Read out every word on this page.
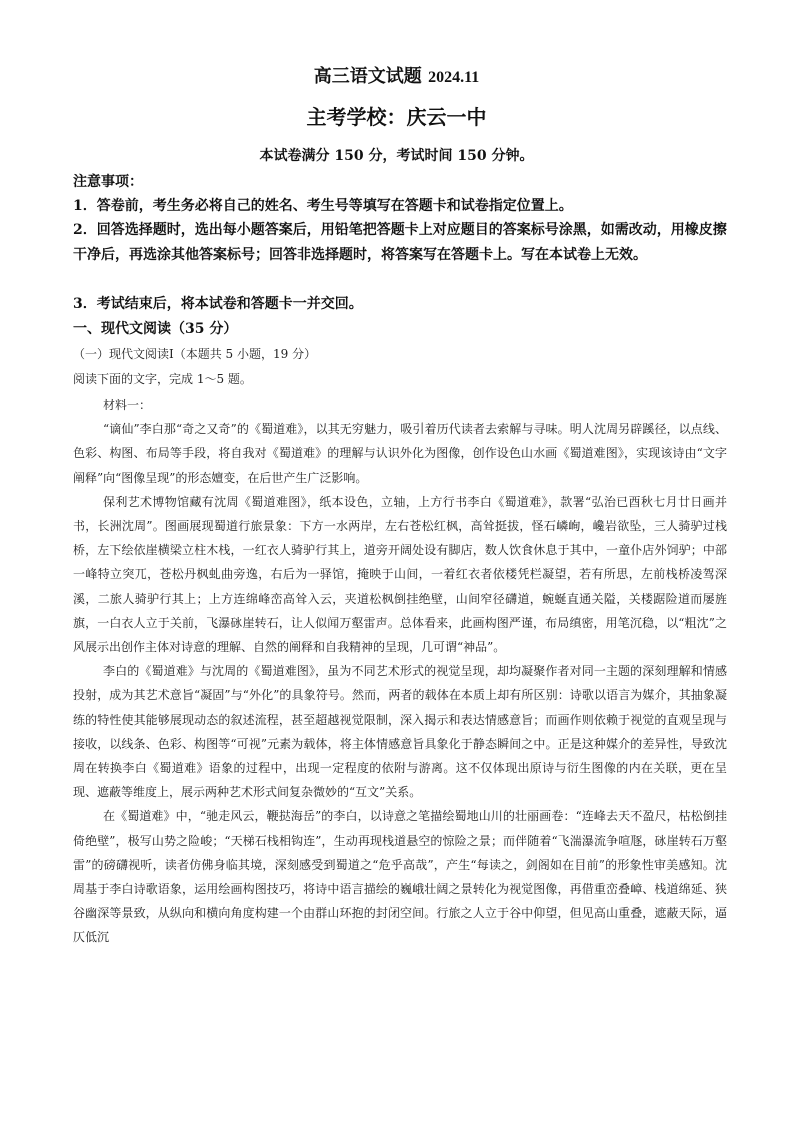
高三语文试题 2024.11
主考学校：庆云一中
本试卷满分 150 分，考试时间 150 分钟。
注意事项：
1．答卷前，考生务必将自己的姓名、考生号等填写在答题卡和试卷指定位置上。
2．回答选择题时，选出每小题答案后，用铅笔把答题卡上对应题目的答案标号涂黑，如需改动，用橡皮擦干净后，再选涂其他答案标号；回答非选择题时，将答案写在答题卡上。写在本试卷上无效。
3．考试结束后，将本试卷和答题卡一并交回。
一、现代文阅读（35 分）
（一）现代文阅读Ⅰ（本题共 5 小题，19 分）
阅读下面的文字，完成 1～5 题。

材料一：

“谪仙”李白那“奇之又奇”的《蜀道难》，以其无穷魅力，吸引着历代读者去索解与寻味。明人沈周另辟蹊径，以点线、色彩、构图、布局等手段，将自我对《蜀道难》的理解与认识外化为图像，创作设色山水画《蜀道难图》，实现该诗由“文字阐释”向“图像呈现”的形态嬗变，在后世产生广泛影响。

保利艺术博物馆藏有沈周《蜀道难图》，纸本设色，立轴，上方行书李白《蜀道难》，款署“弘治已酉秋七月廿日画并书，长洲沈周”。图画展现蜀道行旅景象：下方一水两岸，左右苍松红枫，高耸挺拔，怪石嶙峋，巉岩欲坠，三人骑驴过栈桥，左下绘依崖横梁立柱木栈，一红衣人骑驴行其上，道旁开阔处设有脚店，数人饮食休息于其中，一童仆店外饲驴；中部一峰特立突兀，苍松丹枫虬曲旁逸，右后为一驿馆，掩映于山间，一着红衣者依楼凭栏凝望，若有所思，左前栈桥凌驾深溪，二旅人骑驴行其上；上方连绵峰峦高耸入云，夹道松枫倒挂绝壁，山间窄径礴道，蜿蜒直通关隘，关楼踞险道而屡旌旗，一白衣人立于关前，飞瀑砯崖转石，让人似闻万壑雷声。总体看来，此画构图严谨，布局缜密，用笔沉稳，以“粗沈”之风展示出创作主体对诗意的理解、自然的阐释和自我精神的呈现，几可谓“神品”。

李白的《蜀道难》与沈周的《蜀道难图》，虽为不同艺术形式的视觉呈现，却均凝聚作者对同一主题的深刻理解和情感投射，成为其艺术意旨“凝固”与“外化”的具象符号。然而，两者的载体在本质上却有所区别：诗歌以语言为媒介，其抽象凝练的特性使其能够展现动态的叙述流程，甚至超越视觉限制，深入揭示和表达情感意旨；而画作则依赖于视觉的直观呈现与接收，以线条、色彩、构图等“可视”元素为载体，将主体情感意旨具象化于静态瞬间之中。正是这种媒介的差异性，导致沈周在转换李白《蜀道难》语象的过程中，出现一定程度的依附与游离。这不仅体现出原诗与衍生图像的内在关联，更在呈现、遮蔽等维度上，展示两种艺术形式间复杂微妙的“互文”关系。

在《蜀道难》中，“驰走风云，鞭挞海岳”的李白，以诗意之笔描绘蜀地山川的壮丽画卷：“连峰去天不盈尺，枯松倒挂倚绝壁”，极写山势之险峻；“天梯石栈相钩连”，生动再现栈道悬空的惊险之景；而伴随着“飞湍瀑流争喧豗，砯崖转石万壑雷”的磅礴视听，读者仿佛身临其境，深刻感受到蜀道之“危乎高哉”，产生“每读之，剑阁如在目前”的形象性审美感知。沈周基于李白诗歌语象，运用绘画构图技巧，将诗中语言描绘的巍峨壮阔之景转化为视觉图像，再借重峦叠嶂、栈道绵延、狭谷幽深等景致，从纵向和横向角度构建一个由群山环抱的封闭空间。行旅之人立于谷中仰望，但见高山重叠，遮蔽天际，逼仄低沉
